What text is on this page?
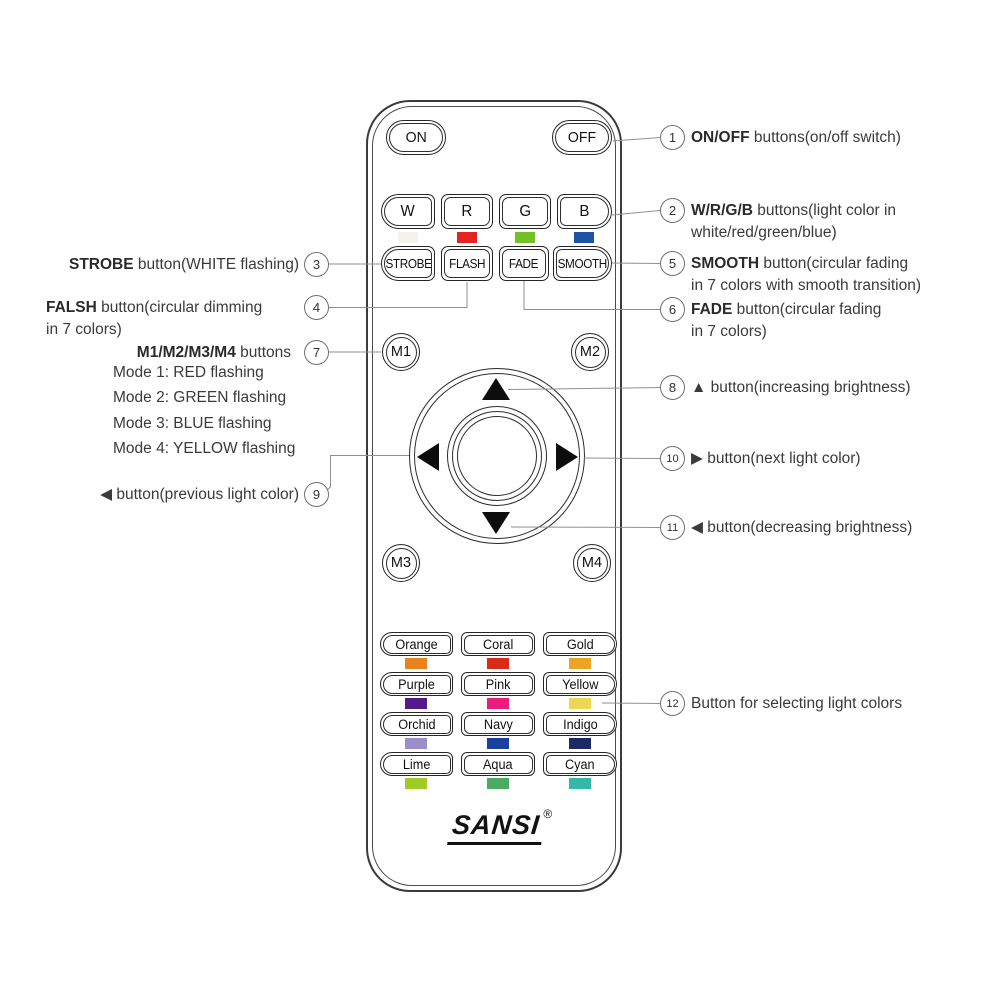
ON	OFF
W	R	G	B
STROBE FLASH FADE SMOOTH
M1	M2
M3	M4
Orange	Coral	Gold
Purple	Pink	Yellow
Orchid	Navy	Indigo
Lime	Aqua	Cyan
SANSI ®
1
2
5
6
8
10
11
12
3
4
7
9
ON/OFF buttons(on/off switch)
W/R/G/B buttons(light color in
white/red/green/blue)
SMOOTH button(circular fading
in 7 colors with smooth transition)
FADE button(circular fading
in 7 colors)
▲ button(increasing brightness)
▶ button(next light color)
◀ button(decreasing brightness)
Button for selecting light colors
STROBE button(WHITE flashing)
FALSH button(circular dimming
in 7 colors)
M1/M2/M3/M4 buttons
Mode 1: RED flashing
Mode 2: GREEN flashing
Mode 3: BLUE flashing
Mode 4: YELLOW flashing
◀ button(previous light color)
